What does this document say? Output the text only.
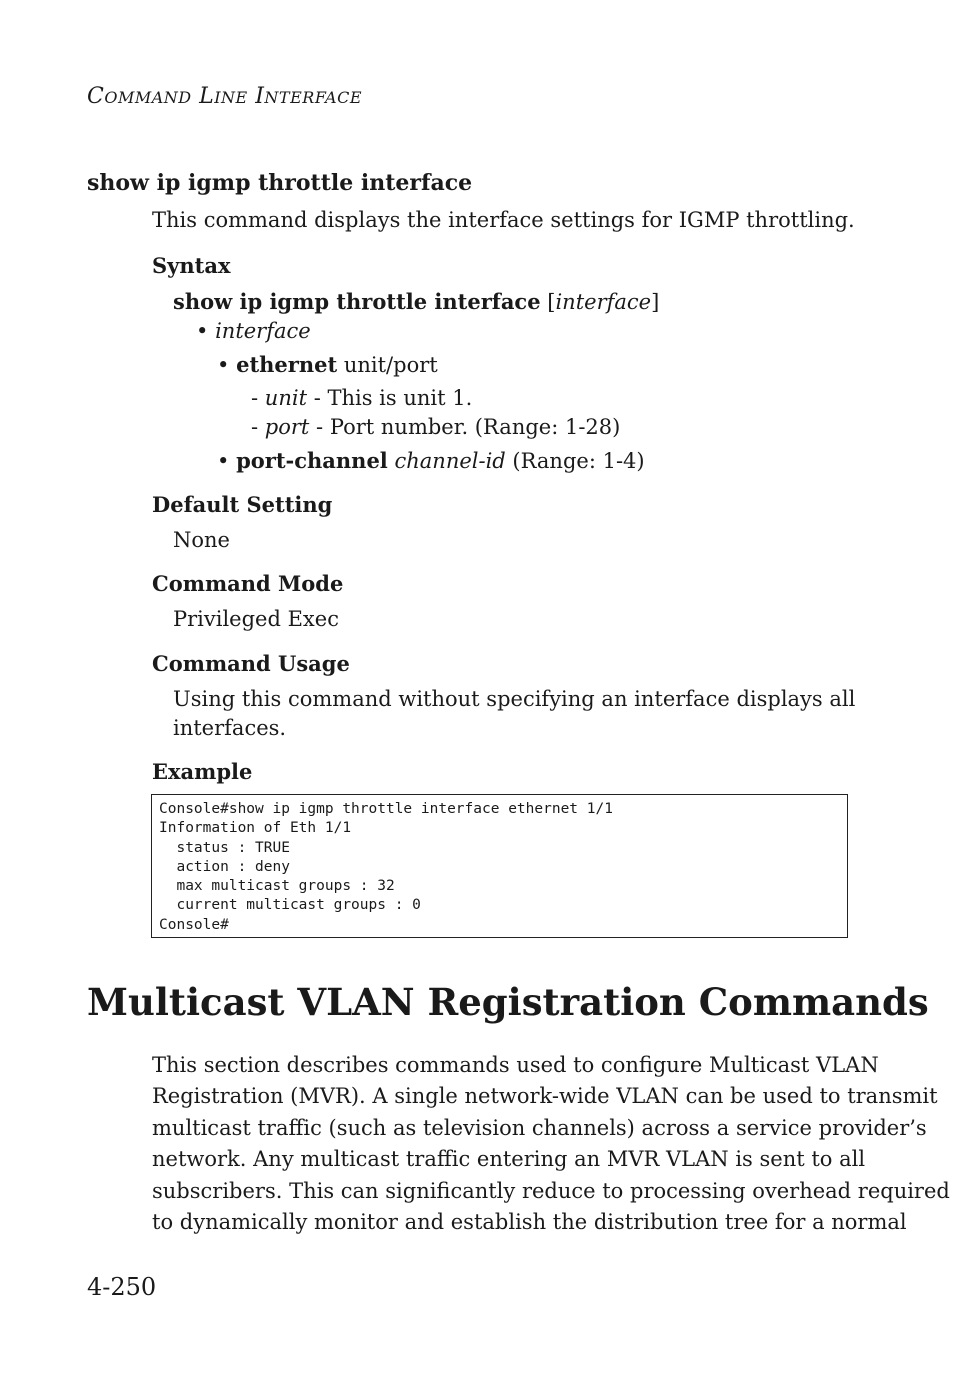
COMMAND LINE INTERFACE
show ip igmp throttle interface
This command displays the interface settings for IGMP throttling.
Syntax
show ip igmp throttle interface [interface]
• interface
• ethernet unit/port
- unit - This is unit 1.
- port - Port number. (Range: 1-28)
• port-channel channel-id (Range: 1-4)
Default Setting
None
Command Mode
Privileged Exec
Command Usage
Using this command without specifying an interface displays all
interfaces.
Example
Console#show ip igmp throttle interface ethernet 1/1
Information of Eth 1/1
status : TRUE
action : deny
max multicast groups : 32
current multicast groups : 0
Console#
Multicast VLAN Registration Commands
This section describes commands used to configure Multicast VLAN
Registration (MVR). A single network-wide VLAN can be used to transmit
multicast traffic (such as television channels) across a service provider’s
network. Any multicast traffic entering an MVR VLAN is sent to all
subscribers. This can significantly reduce to processing overhead required
to dynamically monitor and establish the distribution tree for a normal
4-250
